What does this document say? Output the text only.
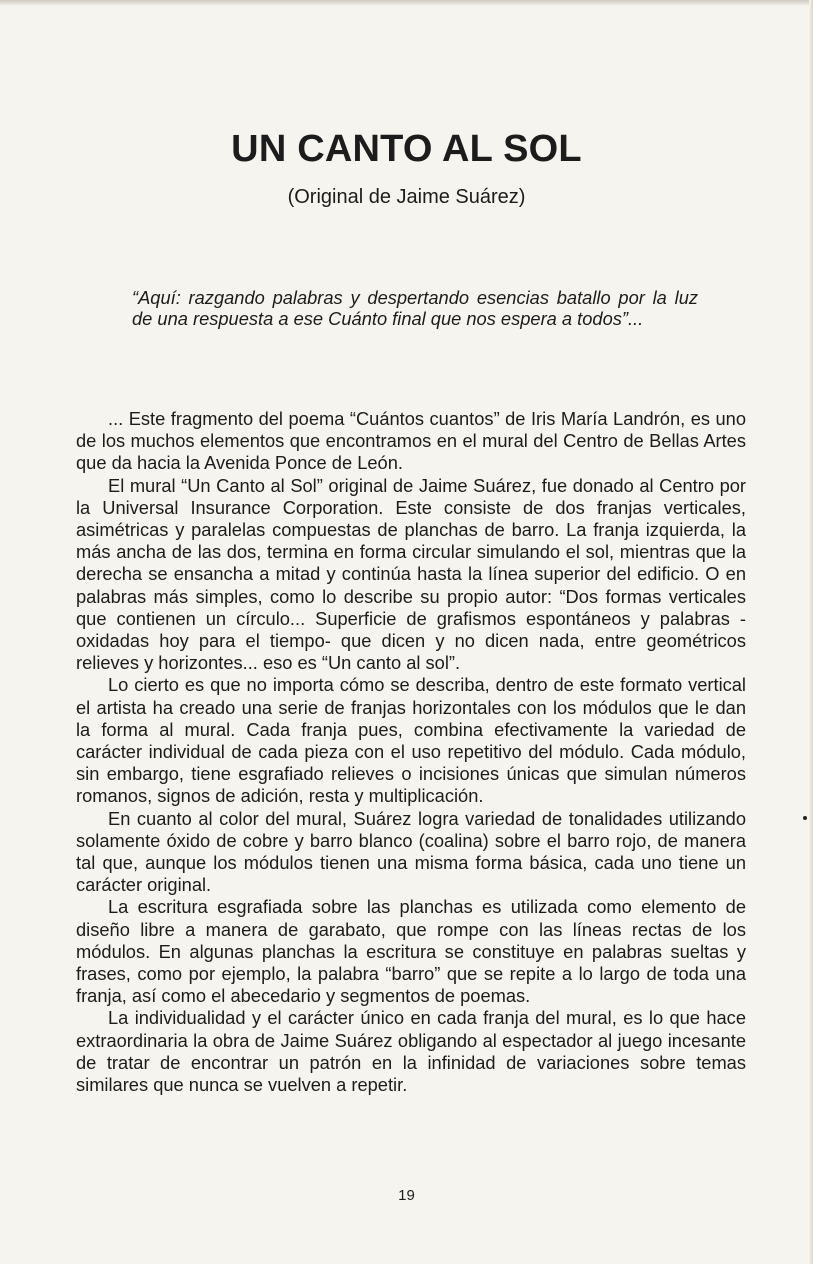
UN CANTO AL SOL

(Original de Jaime Suárez)

“Aquí: razgando palabras y despertando esencias batallo por la luz de una respuesta a ese Cuánto final que nos espera a todos”...

... Este fragmento del poema “Cuántos cuantos” de Iris María Landrón, es uno de los muchos elementos que encontramos en el mural del Centro de Bellas Artes que da hacia la Avenida Ponce de León.

El mural “Un Canto al Sol” original de Jaime Suárez, fue donado al Centro por la Universal Insurance Corporation. Este consiste de dos franjas verticales, asimétricas y paralelas compuestas de planchas de barro. La franja izquierda, la más ancha de las dos, termina en forma circular simulando el sol, mientras que la derecha se ensancha a mitad y continúa hasta la línea superior del edificio. O en palabras más simples, como lo describe su propio autor: “Dos formas verticales que contienen un círculo... Superficie de grafismos espontáneos y palabras -oxidadas hoy para el tiempo- que dicen y no dicen nada, entre geométricos relieves y horizontes... eso es “Un canto al sol”.

Lo cierto es que no importa cómo se describa, dentro de este formato vertical el artista ha creado una serie de franjas horizontales con los módulos que le dan la forma al mural. Cada franja pues, combina efectivamente la variedad de carácter individual de cada pieza con el uso repetitivo del módulo. Cada módulo, sin embargo, tiene esgrafiado relieves o incisiones únicas que simulan números romanos, signos de adición, resta y multiplicación.

En cuanto al color del mural, Suárez logra variedad de tonalidades utilizando solamente óxido de cobre y barro blanco (coalina) sobre el barro rojo, de manera tal que, aunque los módulos tienen una misma forma básica, cada uno tiene un carácter original.

La escritura esgrafiada sobre las planchas es utilizada como elemento de diseño libre a manera de garabato, que rompe con las líneas rectas de los módulos. En algunas planchas la escritura se constituye en palabras sueltas y frases, como por ejemplo, la palabra “barro” que se repite a lo largo de toda una franja, así como el abecedario y segmentos de poemas.

La individualidad y el carácter único en cada franja del mural, es lo que hace extraordinaria la obra de Jaime Suárez obligando al espectador al juego incesante de tratar de encontrar un patrón en la infinidad de variaciones sobre temas similares que nunca se vuelven a repetir.

19
